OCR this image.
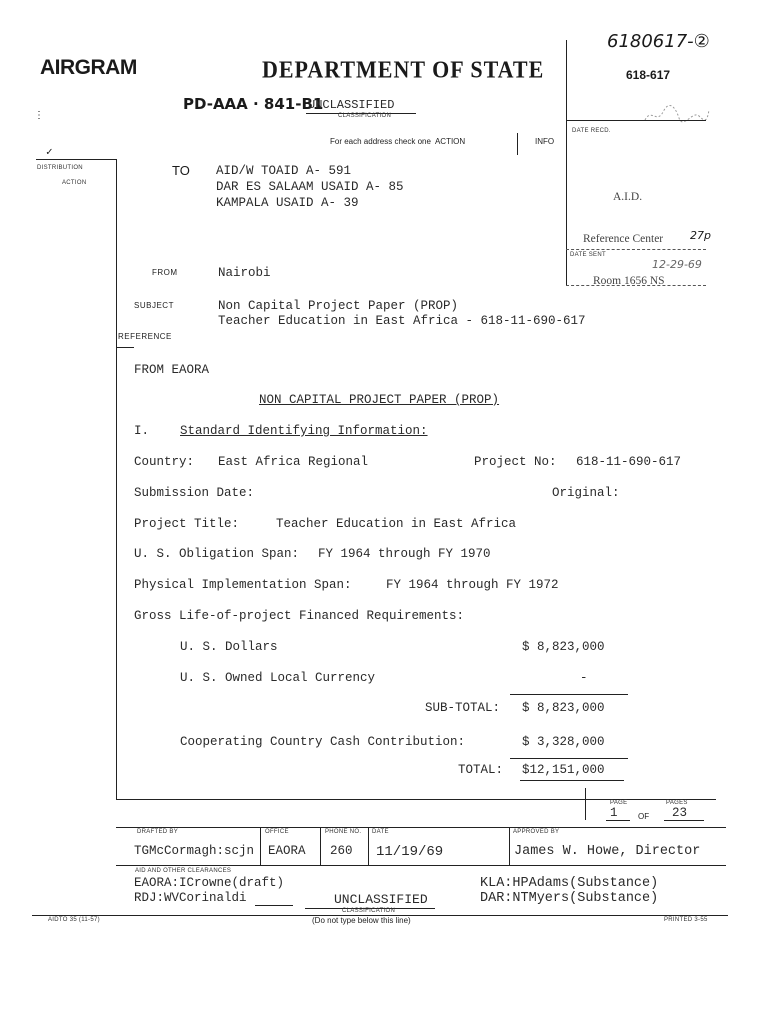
AIRGRAM	DEPARTMENT OF STATE
6180617-②
618-617

PD-AAA · 841-B1
UNCLASSIFIED
CLASSIFICATION
⋮
For each address check one  ACTION	INFO
DATE RECD.

A.I.D.

Reference Center

Room 1656 NS

27p
DATE SENT
12-29-69
DISTRIBUTION
ACTION
✓
TO AID/W TOAID A- 591
DAR ES SALAAM USAID A- 85
KAMPALA USAID A- 39
FROM	Nairobi
SUBJECT	Non Capital Project Paper (PROP)
Teacher Education in East Africa - 618-11-690-617
REFERENCE
FROM EAORA
NON CAPITAL PROJECT PAPER (PROP)
I. Standard Identifying Information:
Country: East Africa Regional	Project No: 618-11-690-617
Submission Date:	Original:
Project Title:	Teacher Education in East Africa
U. S. Obligation Span: FY 1964 through FY 1970
Physical Implementation Span:	FY 1964 through FY 1972
Gross Life-of-project Financed Requirements:
U. S. Dollars	$ 8,823,000
U. S. Owned Local Currency	-
SUB-TOTAL: $ 8,823,000
Cooperating Country Cash Contribution:	$ 3,328,000
TOTAL: $12,151,000
PAGE	PAGES
1	OF 23
DRAFTED BY	OFFICE	PHONE NO. DATE	APPROVED BY
TGMcCormagh:scjn EAORA 260 11/19/69	James W. Howe, Director
AID AND OTHER CLEARANCES
EAORA:ICrowne(draft)
RDJ:WVCorinaldi
KLA:HPAdams(Substance)
DAR:NTMyers(Substance)
UNCLASSIFIED
CLASSIFICATION
AIDTO 35 (11-57)	(Do not type below this line)	PRINTED 3-55
